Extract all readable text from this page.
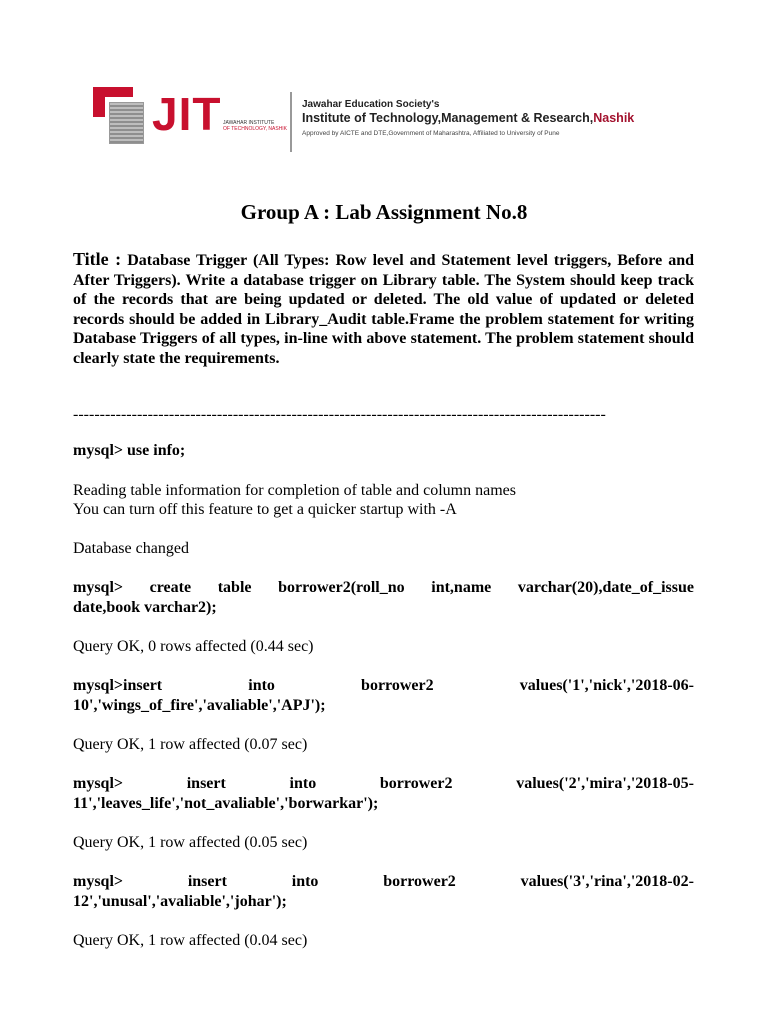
JIT JAWAHAR INSTITUTE
OF TECHNOLOGY, NASHIK
Jawahar Education Society's
Institute of Technology,Management & Research,Nashik
Approved by AICTE and DTE,Government of Maharashtra, Affiliated to University of Pune
Group A : Lab Assignment No.8
Title : Database Trigger (All Types: Row level and Statement level triggers, Before and After Triggers). Write a database trigger on Library table. The System should keep track of the records that are being updated or deleted. The old value of updated or deleted records should be added in Library_Audit table.Frame the problem statement for writing Database Triggers of all types, in-line with above statement. The problem statement should clearly state the requirements.
----------------------------------------------------------------------------------------------------

mysql> use info;

Reading table information for completion of table and column names

You can turn off this feature to get a quicker startup with -A

Database changed

mysql> create table borrower2(roll_no int,name varchar(20),date_of_issue

date,book varchar2);

Query OK, 0 rows affected (0.44 sec)

mysql>insert	into	borrower2	values('1','nick','2018-06-

10','wings_of_fire','avaliable','APJ');

Query OK, 1 row affected (0.07 sec)

mysql>	insert	into	borrower2	values('2','mira','2018-05-

11','leaves_life','not_avaliable','borwarkar');

Query OK, 1 row affected (0.05 sec)

mysql>	insert	into	borrower2	values('3','rina','2018-02-

12','unusal','avaliable','johar');

Query OK, 1 row affected (0.04 sec)
